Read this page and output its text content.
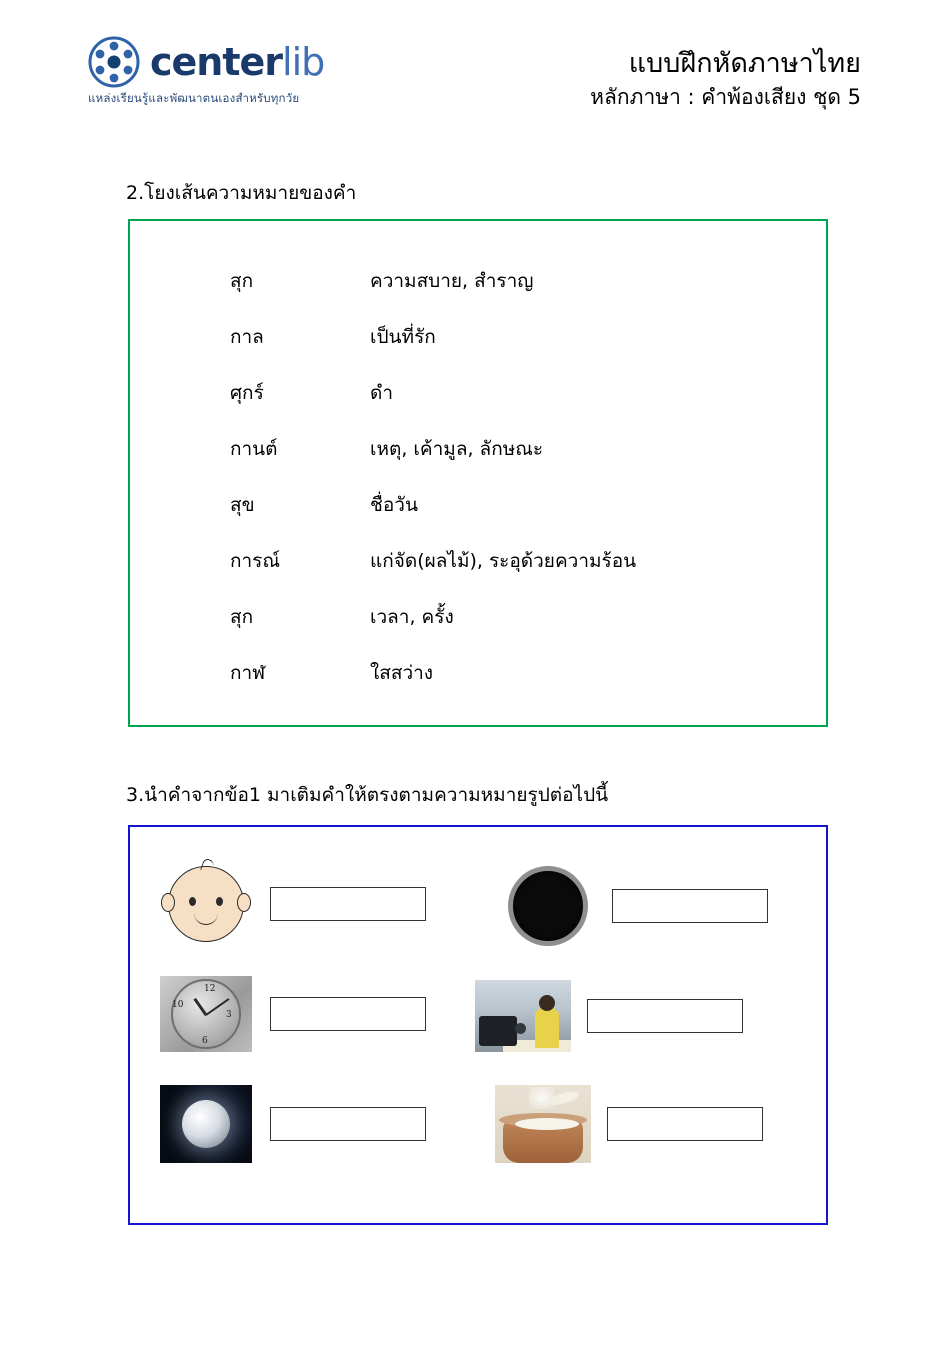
centerlib
แหล่งเรียนรู้และพัฒนาตนเองสำหรับทุกวัย
แบบฝึกหัดภาษาไทย
หลักภาษา : คำพ้องเสียง ชุด 5
2.โยงเส้นความหมายของคำ
สุก	ความสบาย, สำราญ
กาล	เป็นที่รัก
ศุกร์	ดำ
กานต์	เหตุ, เค้ามูล, ลักษณะ
สุข	ชื่อวัน
การณ์	แก่จัด(ผลไม้), ระอุด้วยความร้อน
สุก	เวลา, ครั้ง
กาฬ	ใสสว่าง
3.นำคำจากข้อ1 มาเติมคำให้ตรงตามความหมายรูปต่อไปนี้
12
10
3
6
